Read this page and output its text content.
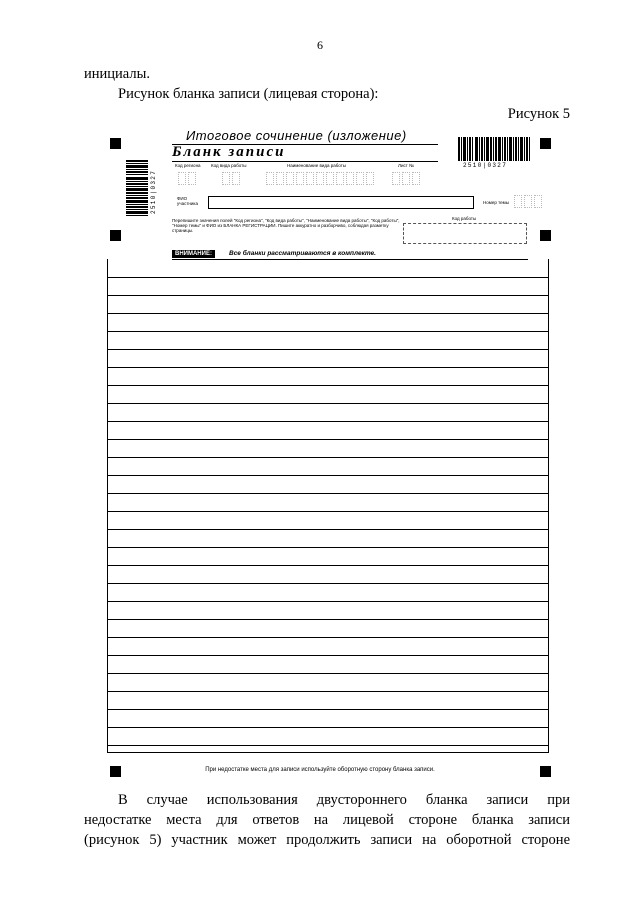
6
инициалы.
Рисунок бланка записи (лицевая сторона):
Рисунок 5
Итоговое сочинение (изложение)
Бланк записи
2510|0327
2510|0327
Код региона Код вида работы	Наименование вида работы	Лист №
ФИО участника	Номер темы
Перепишите значения полей "Код региона", "Код вида работы", "Наименование вида работы", "Код работы", "Номер темы" и ФИО из БЛАНКА РЕГИСТРАЦИИ. Пишите аккуратно и разборчиво, соблюдая разметку страницы.
Код работы
ВНИМАНИЕ:	Все бланки рассматриваются в комплекте.
При недостатке места для записи используйте оборотную сторону бланка записи.
В случае использования двустороннего бланка записи при
недостатке места для ответов на лицевой стороне бланка записи
(рисунок 5) участник может продолжить записи на оборотной стороне
